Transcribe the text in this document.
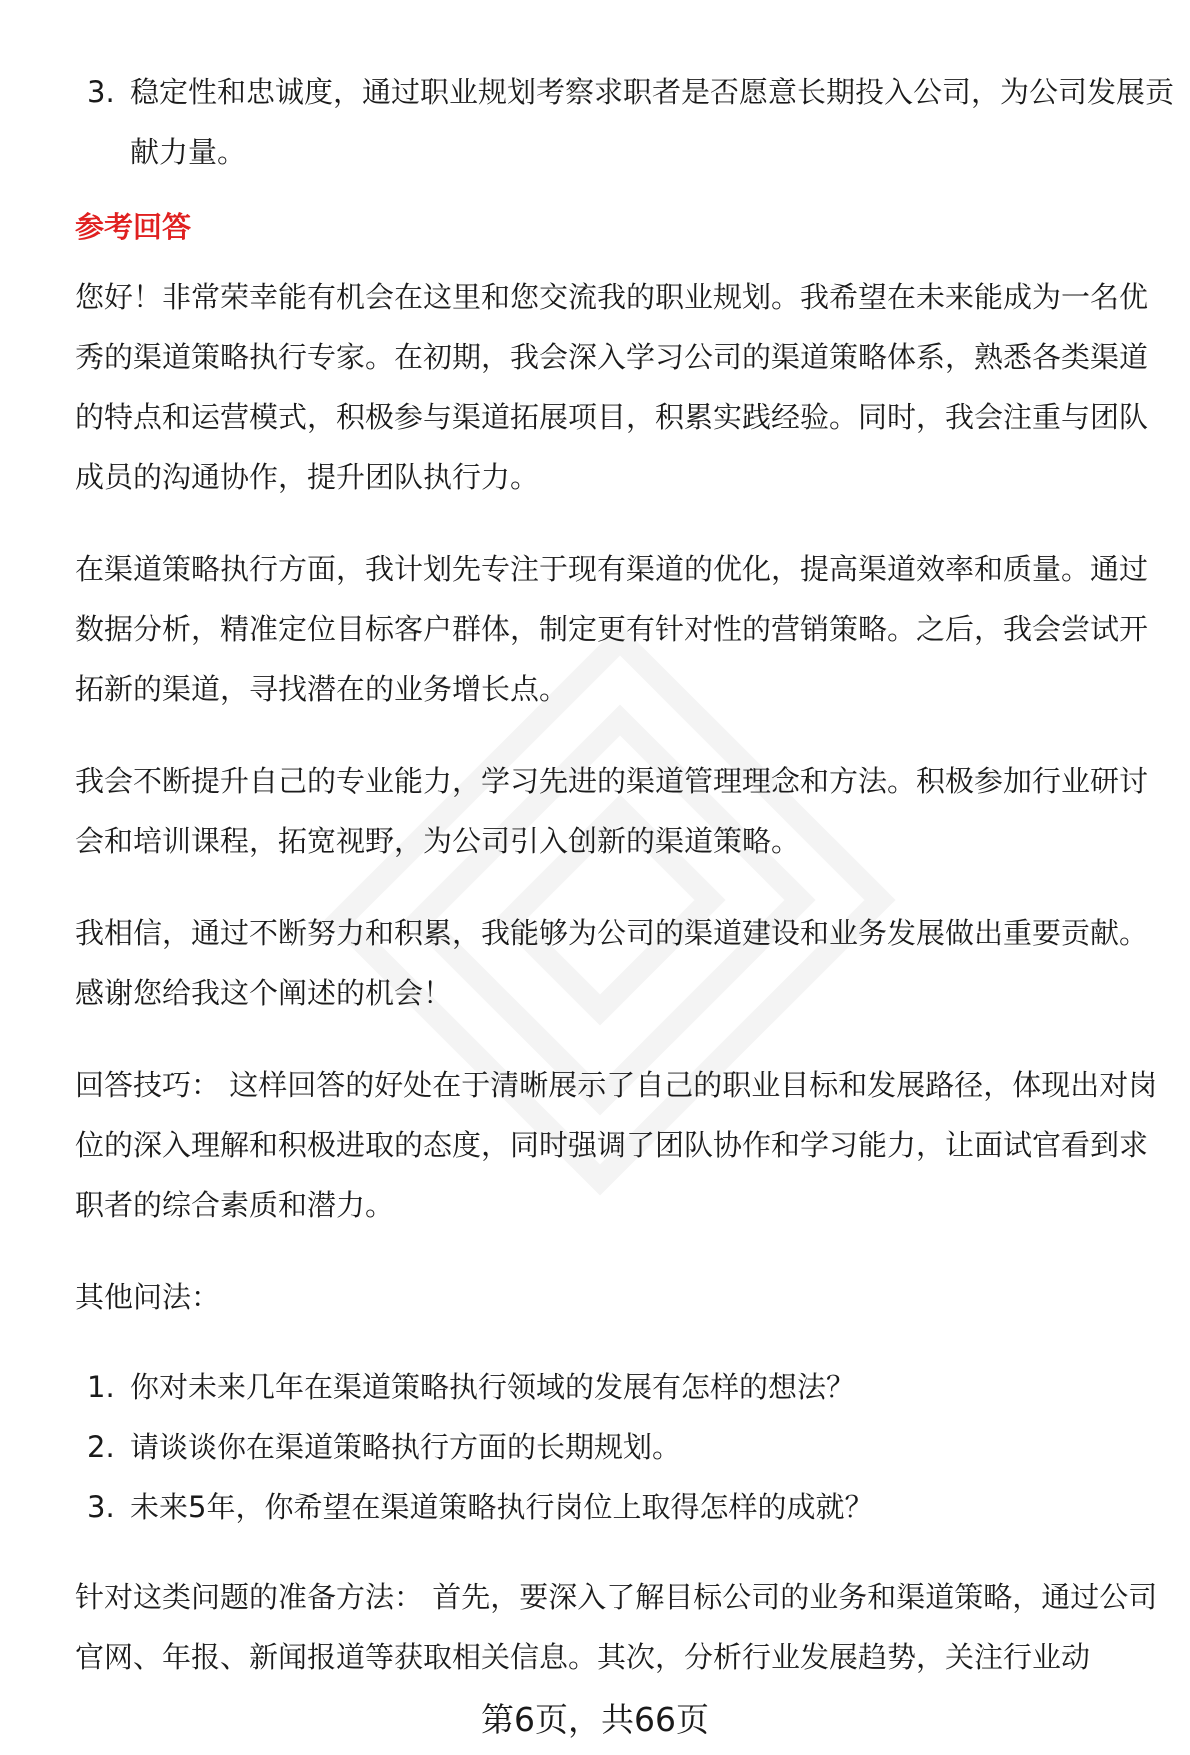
3. 稳定性和忠诚度，通过职业规划考察求职者是否愿意长期投入公司，为公司发展贡献力量。
参考回答

您好！非常荣幸能有机会在这里和您交流我的职业规划。我希望在未来能成为一名优秀的渠道策略执行专家。在初期，我会深入学习公司的渠道策略体系，熟悉各类渠道的特点和运营模式，积极参与渠道拓展项目，积累实践经验。同时，我会注重与团队成员的沟通协作，提升团队执行力。

在渠道策略执行方面，我计划先专注于现有渠道的优化，提高渠道效率和质量。通过数据分析，精准定位目标客户群体，制定更有针对性的营销策略。之后，我会尝试开拓新的渠道，寻找潜在的业务增长点。

我会不断提升自己的专业能力，学习先进的渠道管理理念和方法。积极参加行业研讨会和培训课程，拓宽视野，为公司引入创新的渠道策略。

我相信，通过不断努力和积累，我能够为公司的渠道建设和业务发展做出重要贡献。感谢您给我这个阐述的机会！

回答技巧： 这样回答的好处在于清晰展示了自己的职业目标和发展路径，体现出对岗位的深入理解和积极进取的态度，同时强调了团队协作和学习能力，让面试官看到求职者的综合素质和潜力。

其他问法：

1. 你对未来几年在渠道策略执行领域的发展有怎样的想法？
2. 请谈谈你在渠道策略执行方面的长期规划。
3. 未来5年，你希望在渠道策略执行岗位上取得怎样的成就？

针对这类问题的准备方法： 首先，要深入了解目标公司的业务和渠道策略，通过公司官网、年报、新闻报道等获取相关信息。其次，分析行业发展趋势，关注行业动

第6页，共66页
